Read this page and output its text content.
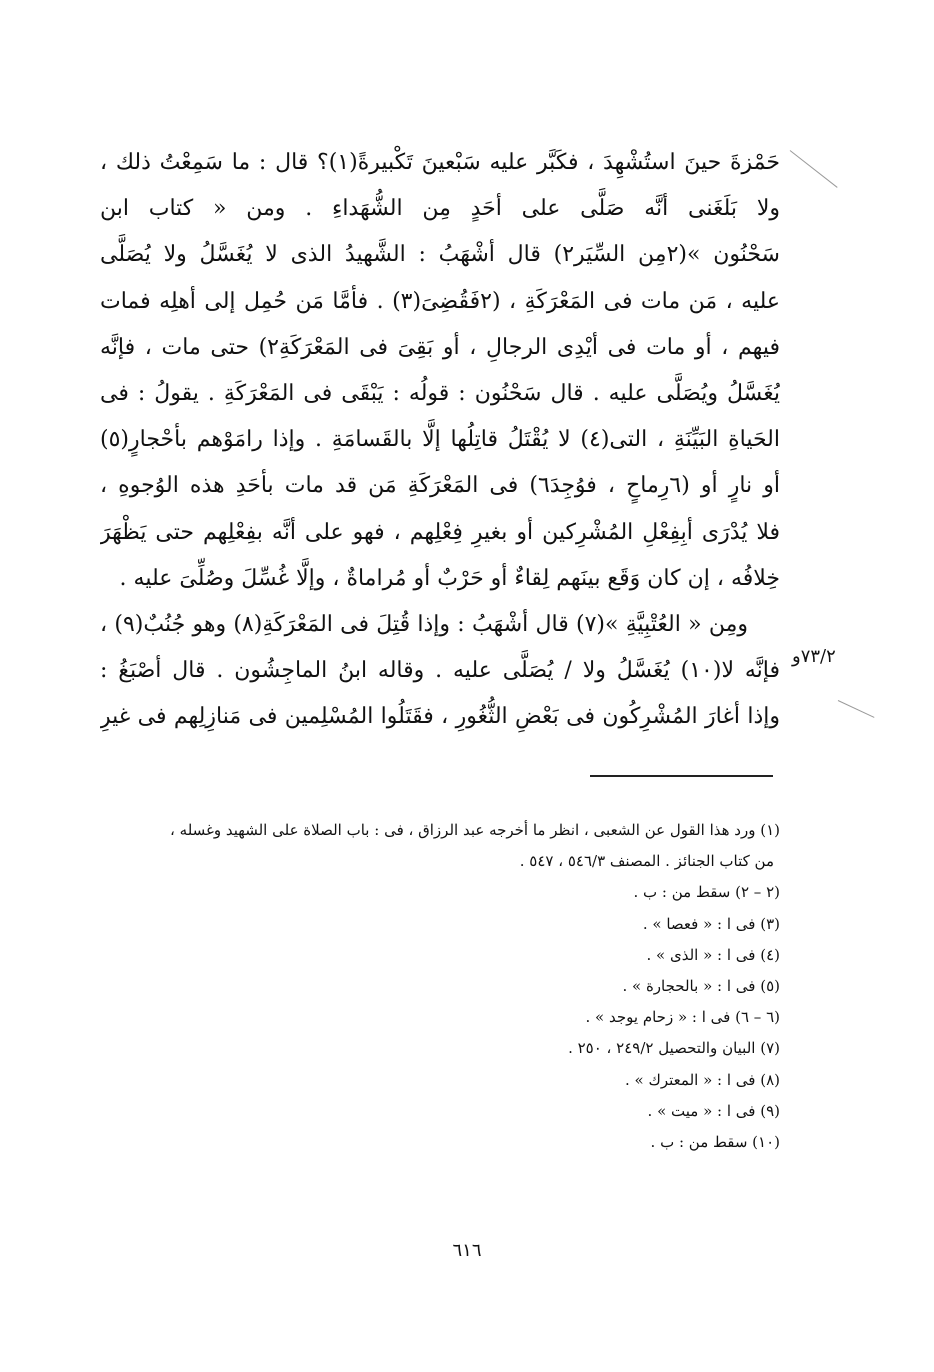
حَمْزةَ حينَ استُشْهِدَ ، فكَبَّر عليه سَبْعينَ تَكْبيرةً(١)؟ قال : ما سَمِعْتُ ذلك ،
ولا بَلَغَنى أنَّه صَلَّى على أحَدٍ مِن الشُّهَداءِ . ومن « كتاب ابن
سَحْنُون »(٢مِن السِّيَر٢) قال أشْهَبُ : الشَّهيدُ الذى لا يُغَسَّلُ ولا يُصَلَّى
عليه ، مَن مات فى المَعْرَكَةِ ، (٢فَقُضِىَ(٣) . فأمَّا مَن حُمِل إلى أهلِه فمات
فيهم ، أو مات فى أيْدِى الرجالِ ، أو بَقِىَ فى المَعْرَكَةِ٢) حتى مات ، فإنَّه
يُغَسَّلُ ويُصَلَّى عليه . قال سَحْنُون : قولُه : يَبْقَى فى المَعْرَكَةِ . يقولُ : فى
الحَياةِ البَيِّنَةِ ، التى(٤) لا يُقْتَلُ قاتِلُها إلَّا بالقَسامَةِ . وإذا رامَوْهم بأحْجارٍ(٥)
أو نارٍ أو (٦رِماحٍ ، فوُجِدَ٦) فى المَعْرَكَةِ مَن قد مات بأحَدِ هذه الوُجوهِ ،
فلا يُدْرَى أبِفِعْلِ المُشْرِكين أو بغيرِ فِعْلِهم ، فهو على أنَّه بفِعْلِهم حتى يَظْهَرَ
خِلافُه ، إن كان وَقَع بينَهم لِقاءٌ أو حَرْبٌ أو مُراماةٌ ، وإلَّا غُسِّلَ وصُلِّىَ عليه .
ومِن « العُتْبِيَّةِ »(٧) قال أشْهَبُ : وإذا قُتِلَ فى المَعْرَكَةِ(٨) وهو جُنُبٌ(٩) ،
فإنَّه لا(١٠) يُغَسَّلُ ولا / يُصَلَّى عليه . وقاله ابنُ الماجِشُون . قال أصْبَغُ :
وإذا أغارَ المُشْرِكُون فى بَعْضِ الثُّغُورِ ، فقَتَلُوا المُسْلِمين فى مَنازِلِهم فى غيرِ
٧٣/٢و
(١) ورد هذا القول عن الشعبى ، انظر ما أخرجه عبد الرزاق ، فى : باب الصلاة على الشهيد وغسله ،
من كتاب الجنائز . المصنف ٥٤٦/٣ ، ٥٤٧ .
(٢ – ٢) سقط من : ب .
(٣) فى ا : « فعصا » .
(٤) فى ا : « الذى » .
(٥) فى ا : « بالحجارة » .
(٦ – ٦) فى ا : « زحام يوجد » .
(٧) البيان والتحصيل ٢٤٩/٢ ، ٢٥٠ .
(٨) فى ا : « المعترك » .
(٩) فى ا : « ميت » .
(١٠) سقط من : ب .
٦١٦
